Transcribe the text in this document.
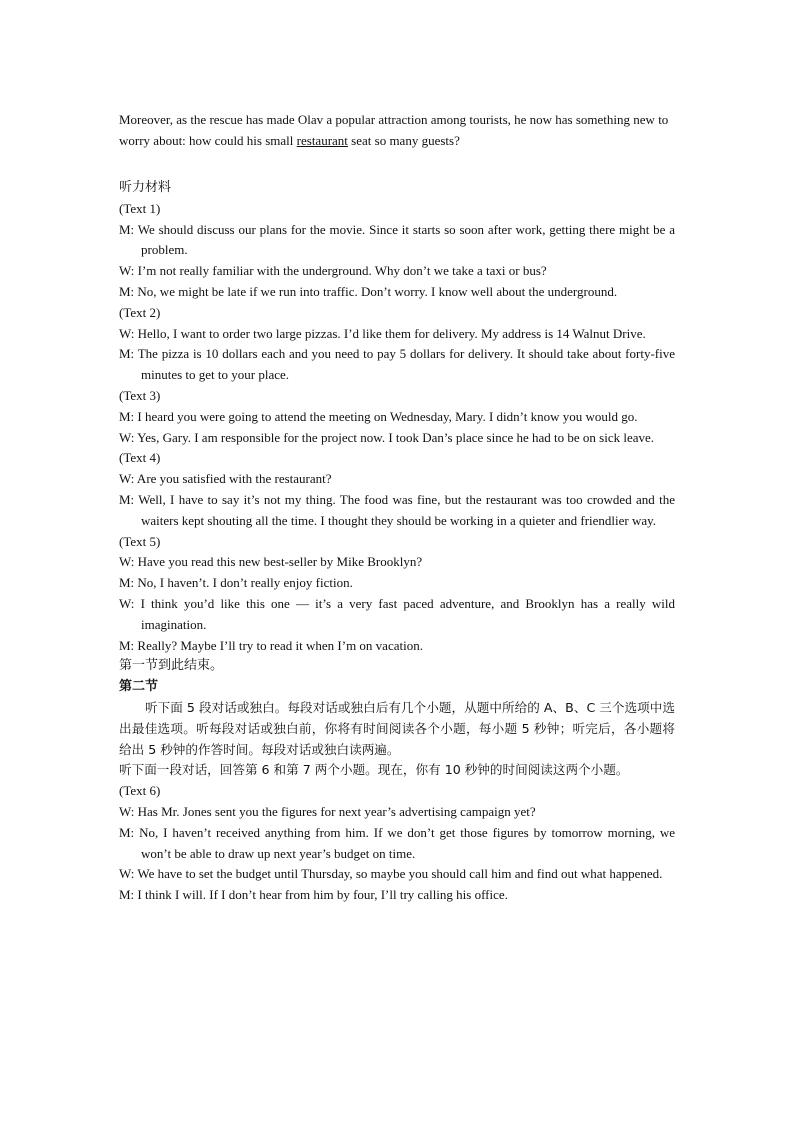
Moreover, as the rescue has made Olav a popular attraction among tourists, he now has something new to worry about: how could his small restaurant seat so many guests?

听力材料

(Text 1)

M: We should discuss our plans for the movie. Since it starts so soon after work, getting there might be a problem.

W: I’m not really familiar with the underground. Why don’t we take a taxi or bus?

M: No, we might be late if we run into traffic. Don’t worry. I know well about the underground.

(Text 2)

W: Hello, I want to order two large pizzas. I’d like them for delivery. My address is 14 Walnut Drive.

M: The pizza is 10 dollars each and you need to pay 5 dollars for delivery. It should take about forty-five minutes to get to your place.

(Text 3)

M: I heard you were going to attend the meeting on Wednesday, Mary. I didn’t know you would go.

W: Yes, Gary. I am responsible for the project now. I took Dan’s place since he had to be on sick leave.

(Text 4)

W: Are you satisfied with the restaurant?

M: Well, I have to say it’s not my thing. The food was fine, but the restaurant was too crowded and the waiters kept shouting all the time. I thought they should be working in a quieter and friendlier way.

(Text 5)

W: Have you read this new best-seller by Mike Brooklyn?

M: No, I haven’t. I don’t really enjoy fiction.

W: I think you’d like this one — it’s a very fast paced adventure, and Brooklyn has a really wild imagination.

M: Really? Maybe I’ll try to read it when I’m on vacation.

第一节到此结束。

第二节

听下面 5 段对话或独白。每段对话或独白后有几个小题，从题中所给的 A、B、C 三个选项中选出最佳选项。听每段对话或独白前，你将有时间阅读各个小题，每小题 5 秒钟；听完后，各小题将给出 5 秒钟的作答时间。每段对话或独白读两遍。

听下面一段对话，回答第 6 和第 7 两个小题。现在，你有 10 秒钟的时间阅读这两个小题。

(Text 6)

W: Has Mr. Jones sent you the figures for next year’s advertising campaign yet?

M: No, I haven’t received anything from him. If we don’t get those figures by tomorrow morning, we won’t be able to draw up next year’s budget on time.

W: We have to set the budget until Thursday, so maybe you should call him and find out what happened.

M: I think I will. If I don’t hear from him by four, I’ll try calling his office.
